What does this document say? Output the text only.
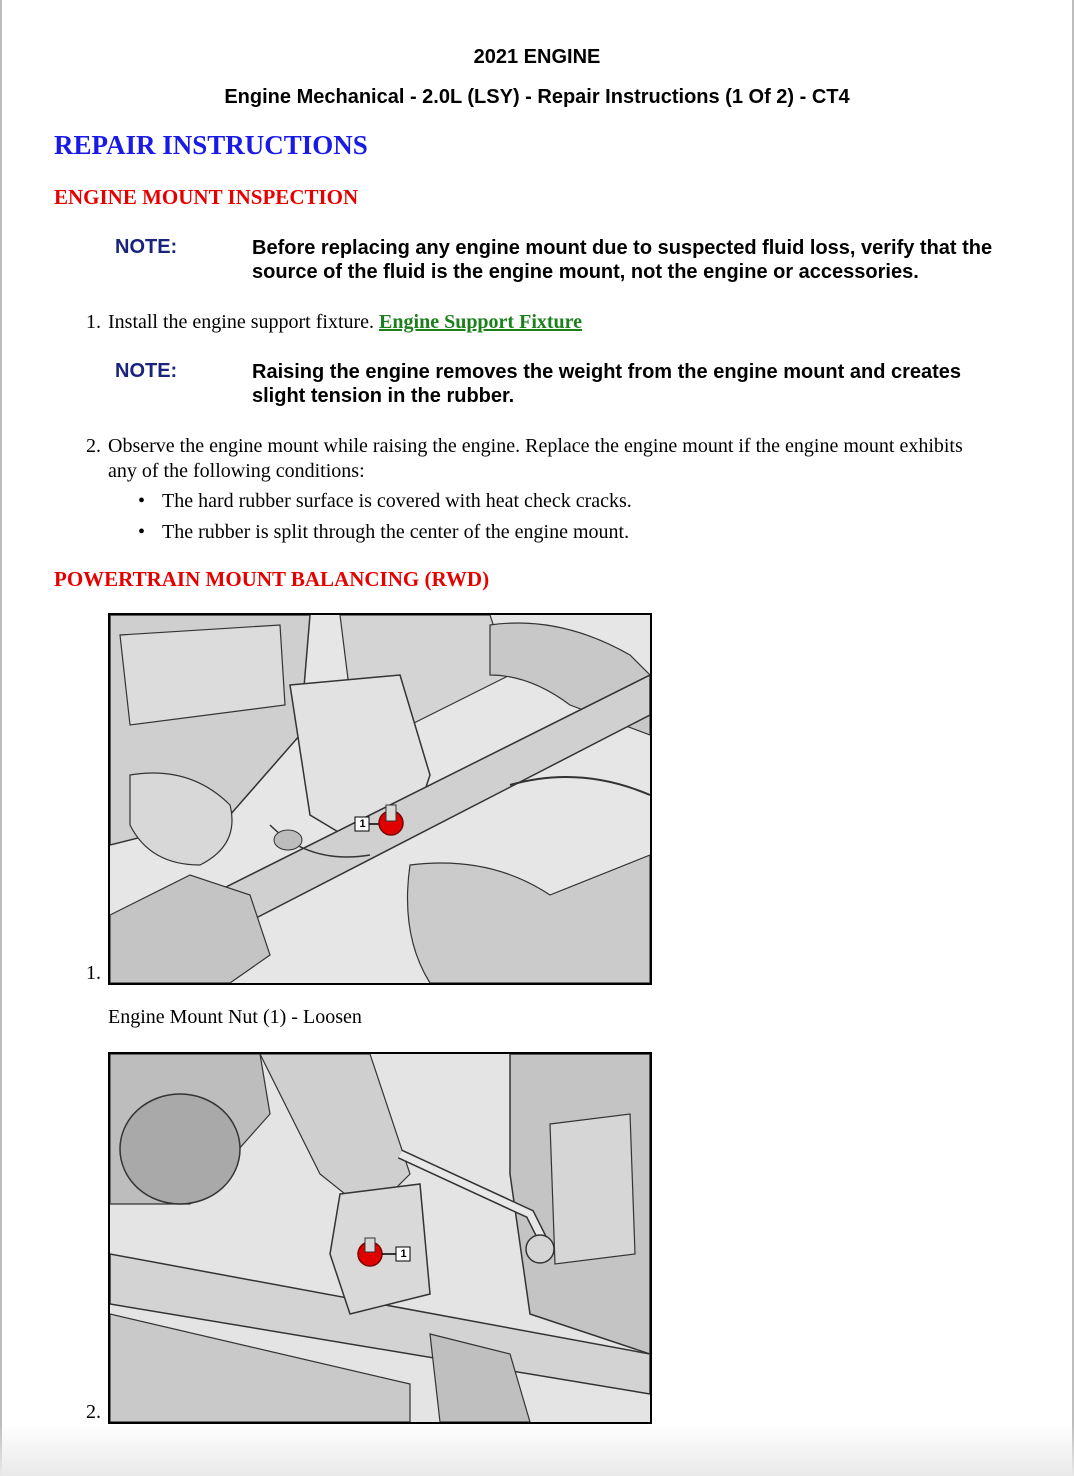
2021 ENGINE
Engine Mechanical - 2.0L (LSY) - Repair Instructions (1 Of 2) - CT4
REPAIR INSTRUCTIONS
ENGINE MOUNT INSPECTION
NOTE:	Before replacing any engine mount due to suspected fluid loss, verify that the source of the fluid is the engine mount, not the engine or accessories.
1. Install the engine support fixture. Engine Support Fixture
NOTE:	Raising the engine removes the weight from the engine mount and creates slight tension in the rubber.
2. Observe the engine mount while raising the engine. Replace the engine mount if the engine mount exhibits any of the following conditions:
• The hard rubber surface is covered with heat check cracks.
• The rubber is split through the center of the engine mount.
POWERTRAIN MOUNT BALANCING (RWD)
1
1.
Engine Mount Nut (1) - Loosen
1
2.
